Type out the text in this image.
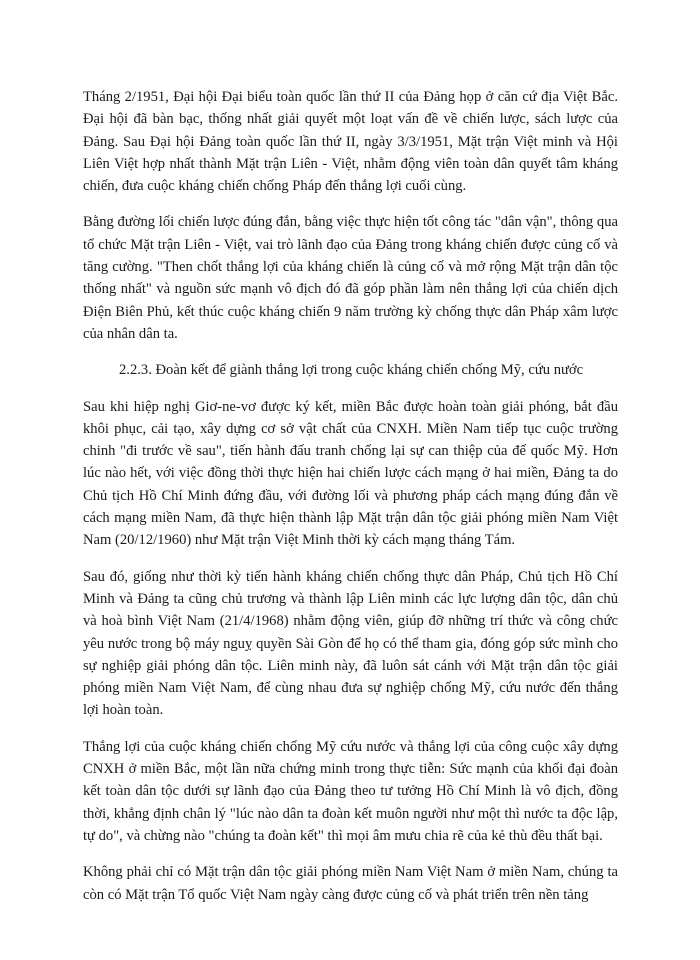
Tháng 2/1951, Đại hội Đại biểu toàn quốc lần thứ II của Đảng họp ở căn cứ địa Việt Bắc. Đại hội đã bàn bạc, thống nhất giải quyết một loạt vấn đề về chiến lược, sách lược của Đảng. Sau Đại hội Đảng toàn quốc lần thứ II, ngày 3/3/1951, Mặt trận Việt minh và Hội Liên Việt hợp nhất thành Mặt trận Liên - Việt, nhằm động viên toàn dân quyết tâm kháng chiến, đưa cuộc kháng chiến chống Pháp đến thắng lợi cuối cùng.

Bằng đường lối chiến lược đúng đắn, bằng việc thực hiện tốt công tác "dân vận", thông qua tổ chức Mặt trận Liên - Việt, vai trò lãnh đạo của Đảng trong kháng chiến được củng cố và tăng cường. "Then chốt thắng lợi của kháng chiến là củng cố và mở rộng Mặt trận dân tộc thống nhất" và nguồn sức mạnh vô địch đó đã góp phần làm nên thắng lợi của chiến dịch Điện Biên Phủ, kết thúc cuộc kháng chiến 9 năm trường kỳ chống thực dân Pháp xâm lược của nhân dân ta.

2.2.3. Đoàn kết để giành thắng lợi trong cuộc kháng chiến chống Mỹ, cứu nước

Sau khi hiệp nghị Giơ-ne-vơ được ký kết, miền Bắc được hoàn toàn giải phóng, bắt đầu khôi phục, cải tạo, xây dựng cơ sở vật chất của CNXH. Miền Nam tiếp tục cuộc trường chinh "đi trước về sau", tiến hành đấu tranh chống lại sự can thiệp của đế quốc Mỹ. Hơn lúc nào hết, với việc đồng thời thực hiện hai chiến lược cách mạng ở hai miền, Đảng ta do Chủ tịch Hồ Chí Minh đứng đầu, với đường lối và phương pháp cách mạng đúng đắn về cách mạng miền Nam, đã thực hiện thành lập Mặt trận dân tộc giải phóng miền Nam Việt Nam (20/12/1960) như Mặt trận Việt Minh thời kỳ cách mạng tháng Tám.

Sau đó, giống như thời kỳ tiến hành kháng chiến chống thực dân Pháp, Chủ tịch Hồ Chí Minh và Đảng ta cũng chủ trương và thành lập Liên minh các lực lượng dân tộc, dân chủ và hoà bình Việt Nam (21/4/1968) nhằm động viên, giúp đỡ những trí thức và công chức yêu nước trong bộ máy nguỵ quyền Sài Gòn để họ có thể tham gia, đóng góp sức mình cho sự nghiệp giải phóng dân tộc. Liên minh này, đã luôn sát cánh với Mặt trận dân tộc giải phóng miền Nam Việt Nam, để cùng nhau đưa sự nghiệp chống Mỹ, cứu nước đến thắng lợi hoàn toàn.

Thắng lợi của cuộc kháng chiến chống Mỹ cứu nước và thắng lợi của công cuộc xây dựng CNXH ở miền Bắc, một lần nữa chứng minh trong thực tiễn: Sức mạnh của khối đại đoàn kết toàn dân tộc dưới sự lãnh đạo của Đảng theo tư tưởng Hồ Chí Minh là vô địch, đồng thời, khẳng định chân lý "lúc nào dân ta đoàn kết muôn người như một thì nước ta độc lập, tự do", và chừng nào "chúng ta đoàn kết" thì mọi âm mưu chia rẽ của kẻ thù đều thất bại.

Không phải chỉ có Mặt trận dân tộc giải phóng miền Nam Việt Nam ở miền Nam, chúng ta còn có Mặt trận Tổ quốc Việt Nam ngày càng được củng cố và phát triển trên nền tảng
